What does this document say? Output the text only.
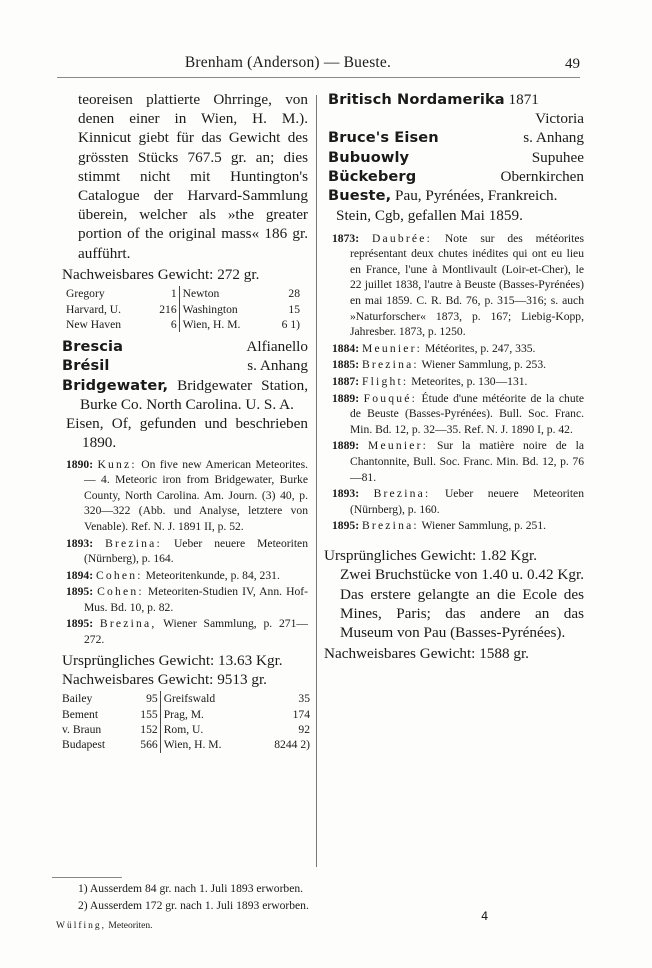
Brenham (Anderson) — Bueste.	49
teoreisen plattierte Ohrringe, von denen einer in Wien, H. M.). Kinnicut giebt für das Gewicht des grössten Stücks 767.5 gr. an; dies stimmt nicht mit Huntington's Catalogue der Harvard-Sammlung überein, welcher als »the greater portion of the original mass« 186 gr. aufführt.
Nachweisbares Gewicht: 272 gr.
Gregory	1	Newton	28
Harvard, U.	216	Washington	15
New Haven	6	Wien, H. M.	6 1)
Brescia	Alfianello
Brésil	s. Anhang
Bridgewater, Bridgewater Station, Burke Co. North Carolina. U. S. A.
Eisen, Of, gefunden und beschrieben 1890.
1890: Kunz: On five new American Meteorites. — 4. Meteoric iron from Bridgewater, Burke County, North Carolina. Am. Journ. (3) 40, p. 320—322 (Abb. und Analyse, letztere von Venable). Ref. N. J. 1891 II, p. 52.
1893: Brezina: Ueber neuere Meteoriten (Nürnberg), p. 164.
1894: Cohen: Meteoritenkunde, p. 84, 231.
1895: Cohen: Meteoriten-Studien IV, Ann. Hof-Mus. Bd. 10, p. 82.
1895: Brezina, Wiener Sammlung, p. 271—272.
Ursprüngliches Gewicht: 13.63 Kgr.
Nachweisbares Gewicht: 9513 gr.
Bailey	95	Greifswald	35
Bement	155	Prag, M.	174
v. Braun	152	Rom, U.	92
Budapest	566	Wien, H. M.	8244 2)
Britisch Nordamerika 1871
Victoria
Bruce's Eisen	s. Anhang
Bubuowly	Supuhee
Bückeberg	Obernkirchen
Bueste, Pau, Pyrénées, Frankreich.
Stein, Cgb, gefallen Mai 1859.
1873: Daubrée: Note sur des météorites représentant deux chutes inédites qui ont eu lieu en France, l'une à Montlivault (Loir-et-Cher), le 22 juillet 1838, l'autre à Beuste (Basses-Pyrénées) en mai 1859. C. R. Bd. 76, p. 315—316; s. auch »Naturforscher« 1873, p. 167; Liebig-Kopp, Jahresber. 1873, p. 1250.
1884: Meunier: Météorites, p. 247, 335.
1885: Brezina: Wiener Sammlung, p. 253.
1887: Flight: Meteorites, p. 130—131.
1889: Fouqué: Étude d'une météorite de la chute de Beuste (Basses-Pyrénées). Bull. Soc. Franc. Min. Bd. 12, p. 32—35. Ref. N. J. 1890 I, p. 42.
1889: Meunier: Sur la matière noire de la Chantonnite, Bull. Soc. Franc. Min. Bd. 12, p. 76—81.
1893: Brezina: Ueber neuere Meteoriten (Nürnberg), p. 160.
1895: Brezina: Wiener Sammlung, p. 251.
Ursprüngliches Gewicht: 1.82 Kgr.
Zwei Bruchstücke von 1.40 u. 0.42 Kgr. Das erstere gelangte an die Ecole des Mines, Paris; das andere an das Museum von Pau (Basses-Pyrénées).
Nachweisbares Gewicht: 1588 gr.
1) Ausserdem 84 gr. nach 1. Juli 1893 erworben.
2) Ausserdem 172 gr. nach 1. Juli 1893 erworben.
Wülfing, Meteoriten.
4
